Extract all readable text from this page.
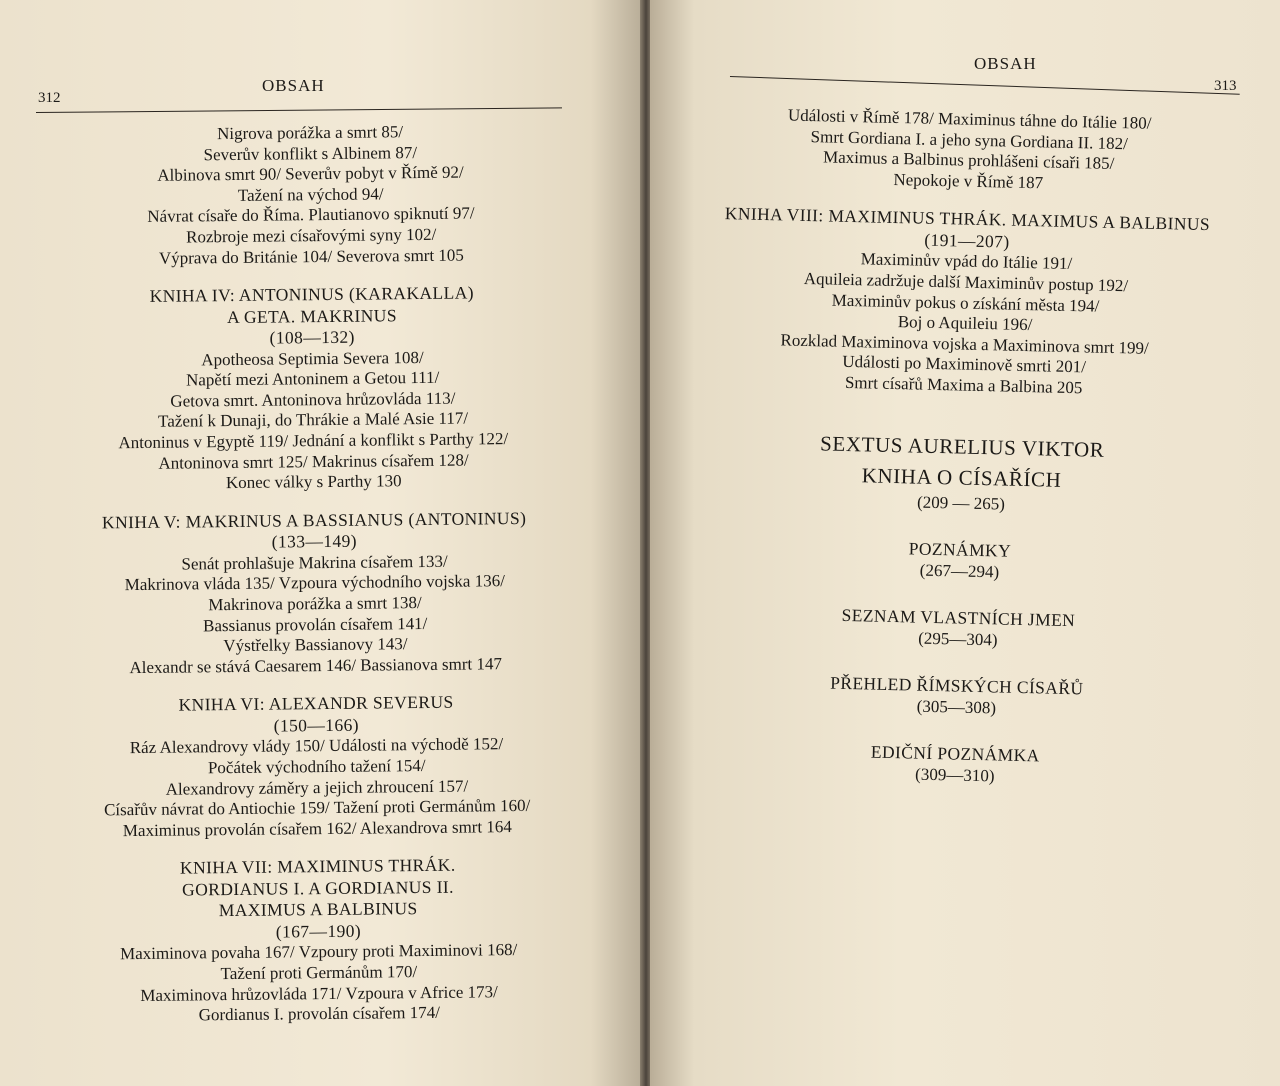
312
OBSAH
Nigrova porážka a smrt 85/
Severův konflikt s Albinem 87/
Albinova smrt 90/ Severův pobyt v Římě 92/
Tažení na východ 94/
Návrat císaře do Říma. Plautianovo spiknutí 97/
Rozbroje mezi císařovými syny 102/
Výprava do Británie 104/ Severova smrt 105
KNIHA IV: ANTONINUS (KARAKALLA)
A GETA. MAKRINUS
(108—132)
Apotheosa Septimia Severa 108/
Napětí mezi Antoninem a Getou 111/
Getova smrt. Antoninova hrůzovláda 113/
Tažení k Dunaji, do Thrákie a Malé Asie 117/
Antoninus v Egyptě 119/ Jednání a konflikt s Parthy 122/
Antoninova smrt 125/ Makrinus císařem 128/
Konec války s Parthy 130
KNIHA V: MAKRINUS A BASSIANUS (ANTONINUS)
(133—149)
Senát prohlašuje Makrina císařem 133/
Makrinova vláda 135/ Vzpoura východního vojska 136/
Makrinova porážka a smrt 138/
Bassianus provolán císařem 141/
Výstřelky Bassianovy 143/
Alexandr se stává Caesarem 146/ Bassianova smrt 147
KNIHA VI: ALEXANDR SEVERUS
(150—166)
Ráz Alexandrovy vlády 150/ Události na východě 152/
Počátek východního tažení 154/
Alexandrovy záměry a jejich zhroucení 157/
Císařův návrat do Antiochie 159/ Tažení proti Germánům 160/
Maximinus provolán císařem 162/ Alexandrova smrt 164
KNIHA VII: MAXIMINUS THRÁK.
GORDIANUS I. A GORDIANUS II.
MAXIMUS A BALBINUS
(167—190)
Maximinova povaha 167/ Vzpoury proti Maximinovi 168/
Tažení proti Germánům 170/
Maximinova hrůzovláda 171/ Vzpoura v Africe 173/
Gordianus I. provolán císařem 174/
OBSAH
313
Události v Římě 178/ Maximinus táhne do Itálie 180/
Smrt Gordiana I. a jeho syna Gordiana II. 182/
Maximus a Balbinus prohlášeni císaři 185/
Nepokoje v Římě 187
KNIHA VIII: MAXIMINUS THRÁK. MAXIMUS A BALBINUS
(191—207)
Maximinův vpád do Itálie 191/
Aquileia zadržuje další Maximinův postup 192/
Maximinův pokus o získání města 194/
Boj o Aquileiu 196/
Rozklad Maximinova vojska a Maximinova smrt 199/
Události po Maximinově smrti 201/
Smrt císařů Maxima a Balbina 205
SEXTUS AURELIUS VIKTOR
KNIHA O CÍSAŘÍCH
(209 — 265)
POZNÁMKY
(267—294)
SEZNAM VLASTNÍCH JMEN
(295—304)
PŘEHLED ŘÍMSKÝCH CÍSAŘŮ
(305—308)
EDIČNÍ POZNÁMKA
(309—310)
